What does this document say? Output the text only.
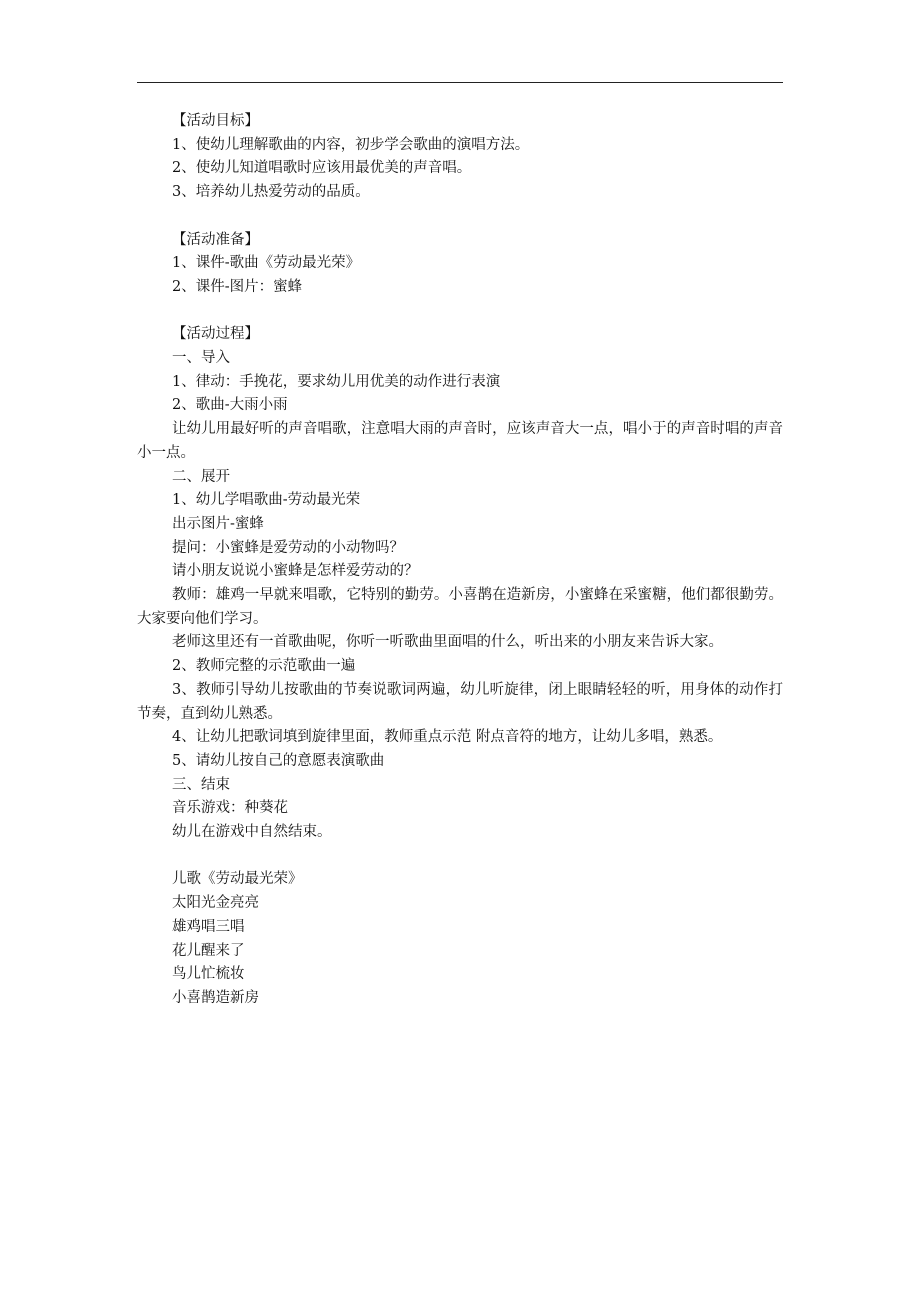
【活动目标】
1、使幼儿理解歌曲的内容，初步学会歌曲的演唱方法。
2、使幼儿知道唱歌时应该用最优美的声音唱。
3、培养幼儿热爱劳动的品质。
【活动准备】
1、课件-歌曲《劳动最光荣》
2、课件-图片：蜜蜂
【活动过程】
一、导入
1、律动：手挽花，要求幼儿用优美的动作进行表演
2、歌曲-大雨小雨
让幼儿用最好听的声音唱歌，注意唱大雨的声音时，应该声音大一点，唱小于的声音时唱的声音小一点。
二、展开
1、幼儿学唱歌曲-劳动最光荣
出示图片-蜜蜂
提问：小蜜蜂是爱劳动的小动物吗？
请小朋友说说小蜜蜂是怎样爱劳动的？
教师：雄鸡一早就来唱歌，它特别的勤劳。小喜鹊在造新房，小蜜蜂在采蜜糖，他们都很勤劳。大家要向他们学习。
老师这里还有一首歌曲呢，你听一听歌曲里面唱的什么，听出来的小朋友来告诉大家。
2、教师完整的示范歌曲一遍
3、教师引导幼儿按歌曲的节奏说歌词两遍，幼儿听旋律，闭上眼睛轻轻的听，用身体的动作打节奏，直到幼儿熟悉。
4、让幼儿把歌词填到旋律里面，教师重点示范 附点音符的地方，让幼儿多唱，熟悉。
5、请幼儿按自己的意愿表演歌曲
三、结束
音乐游戏：种葵花
幼儿在游戏中自然结束。
儿歌《劳动最光荣》
太阳光金亮亮
雄鸡唱三唱
花儿醒来了
鸟儿忙梳妆
小喜鹊造新房
